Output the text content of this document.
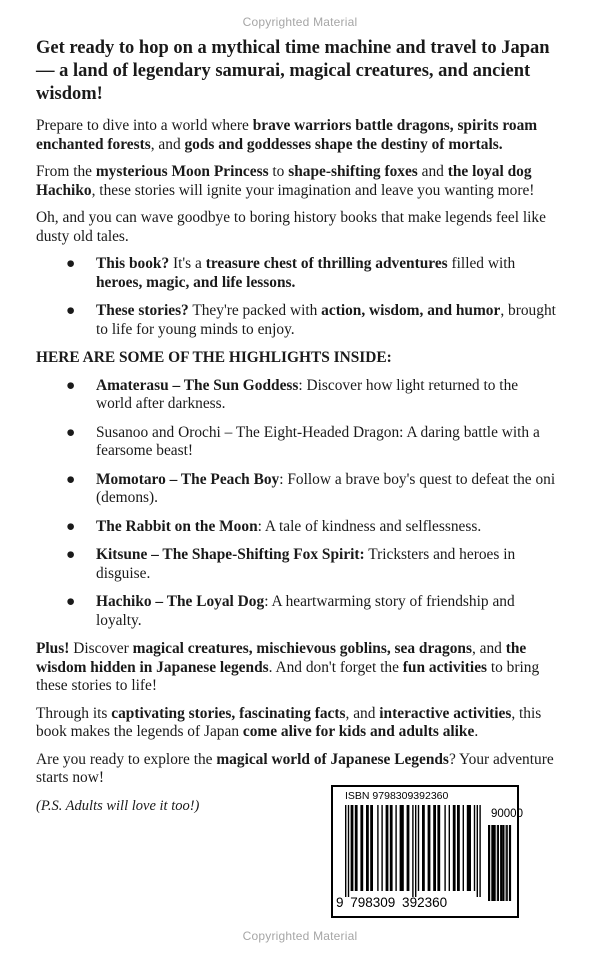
Copyrighted Material
Get ready to hop on a mythical time machine and travel to Japan — a land of legendary samurai, magical creatures, and ancient wisdom!

Prepare to dive into a world where brave warriors battle dragons, spirits roam enchanted forests, and gods and goddesses shape the destiny of mortals.

From the mysterious Moon Princess to shape-shifting foxes and the loyal dog Hachiko, these stories will ignite your imagination and leave you wanting more!

Oh, and you can wave goodbye to boring history books that make legends feel like dusty old tales.

● This book? It's a treasure chest of thrilling adventures filled with heroes, magic, and life lessons.
● These stories? They're packed with action, wisdom, and humor, brought to life for young minds to enjoy.
HERE ARE SOME OF THE HIGHLIGHTS INSIDE:
● Amaterasu – The Sun Goddess: Discover how light returned to the world after darkness.
● Susanoo and Orochi – The Eight-Headed Dragon: A daring battle with a fearsome beast!
● Momotaro – The Peach Boy: Follow a brave boy's quest to defeat the oni (demons).
● The Rabbit on the Moon: A tale of kindness and selflessness.
● Kitsune – The Shape-Shifting Fox Spirit: Tricksters and heroes in disguise.
● Hachiko – The Loyal Dog: A heartwarming story of friendship and loyalty.

Plus! Discover magical creatures, mischievous goblins, sea dragons, and the wisdom hidden in Japanese legends. And don't forget the fun activities to bring these stories to life!

Through its captivating stories, fascinating facts, and interactive activities, this book makes the legends of Japan come alive for kids and adults alike.

Are you ready to explore the magical world of Japanese Legends? Your adventure starts now!

(P.S. Adults will love it too!)

ISBN 9798309392360
90000
9 798309 392360
Copyrighted Material
